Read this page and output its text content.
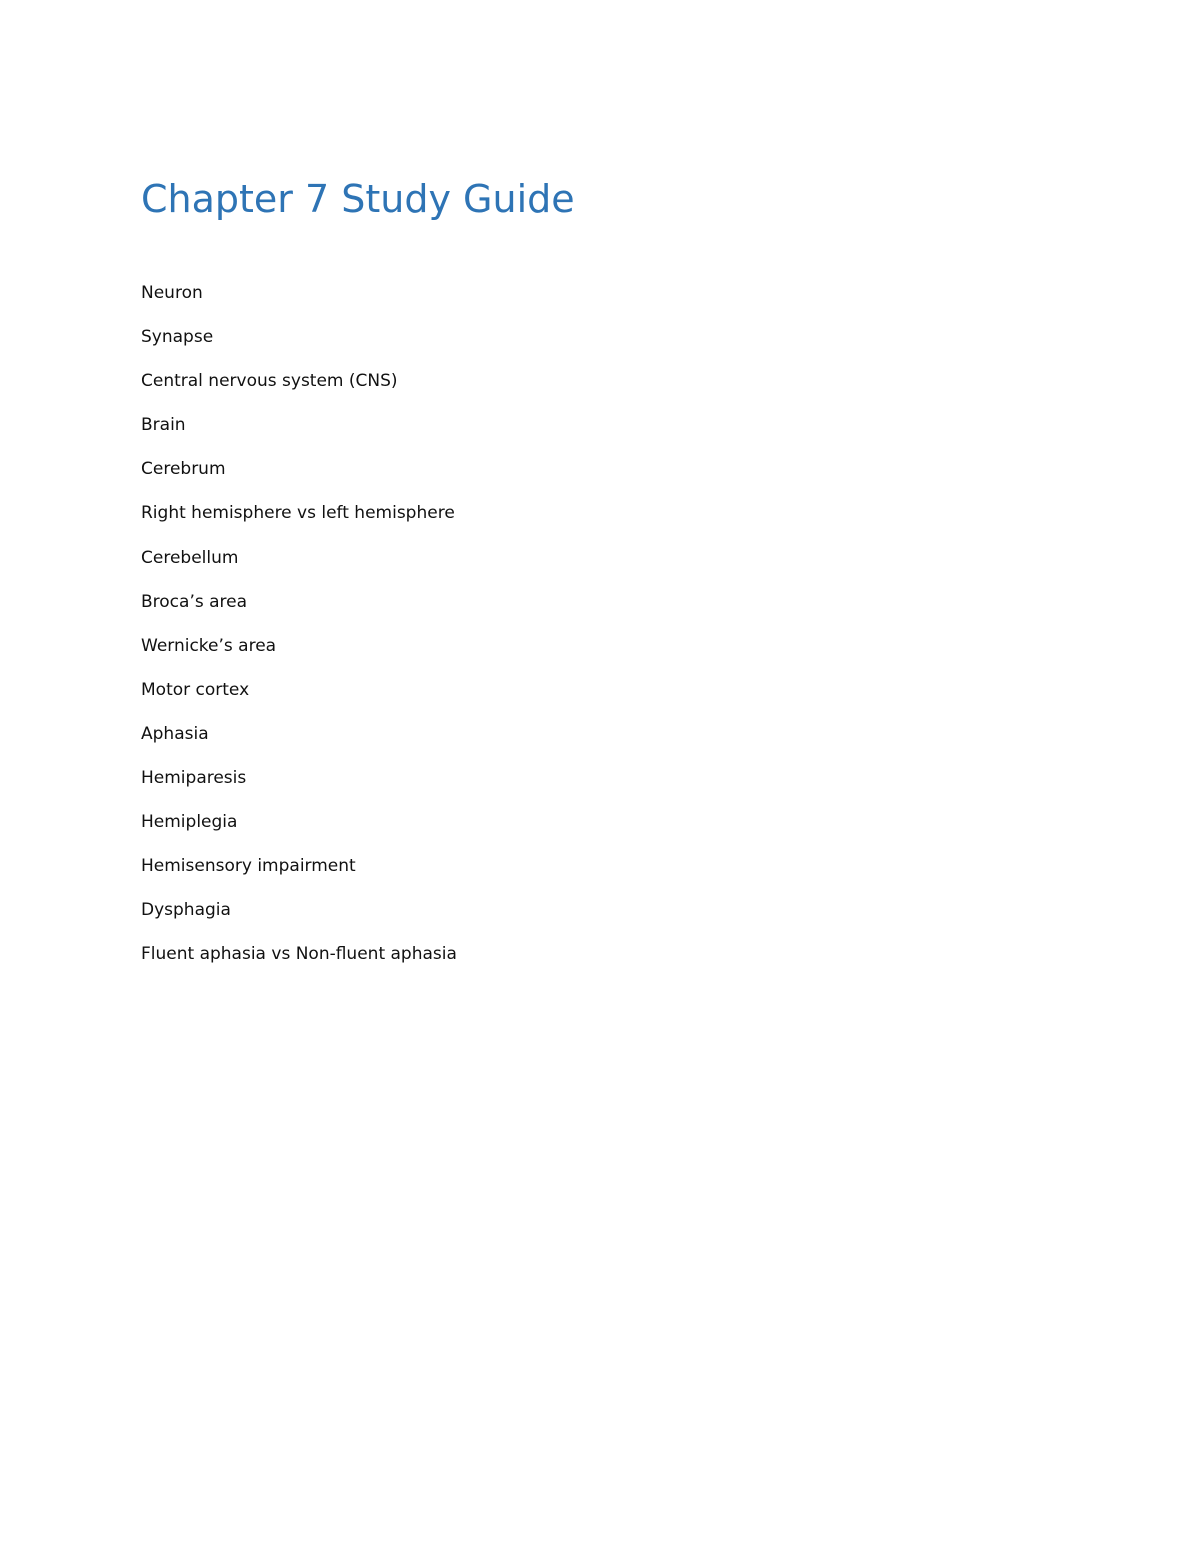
Chapter 7 Study Guide
Neuron
Synapse
Central nervous system (CNS)
Brain
Cerebrum
Right hemisphere vs left hemisphere
Cerebellum
Broca’s area
Wernicke’s area
Motor cortex
Aphasia
Hemiparesis
Hemiplegia
Hemisensory impairment
Dysphagia
Fluent aphasia vs Non-fluent aphasia
